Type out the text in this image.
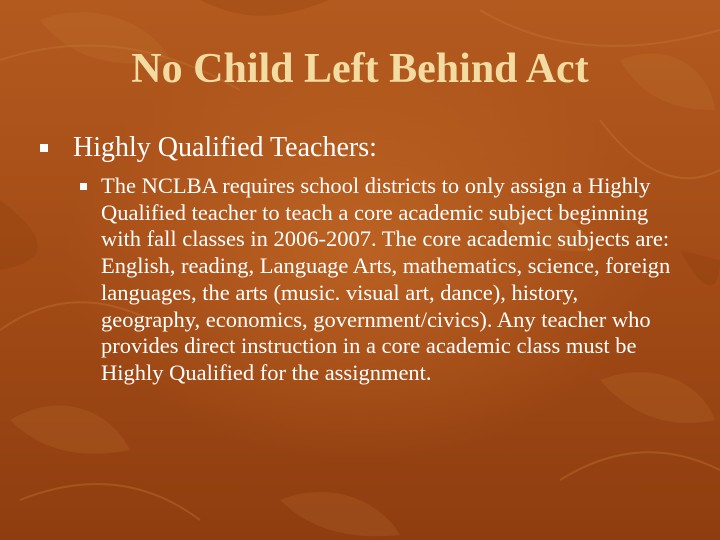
No Child Left Behind Act
Highly Qualified Teachers:
The NCLBA requires school districts to only assign a Highly Qualified teacher to teach a core academic subject beginning with fall classes in 2006-2007. The core academic subjects are: English, reading, Language Arts, mathematics, science, foreign languages, the arts (music. visual art, dance), history, geography, economics, government/civics). Any teacher who provides direct instruction in a core academic class must be Highly Qualified for the assignment.
